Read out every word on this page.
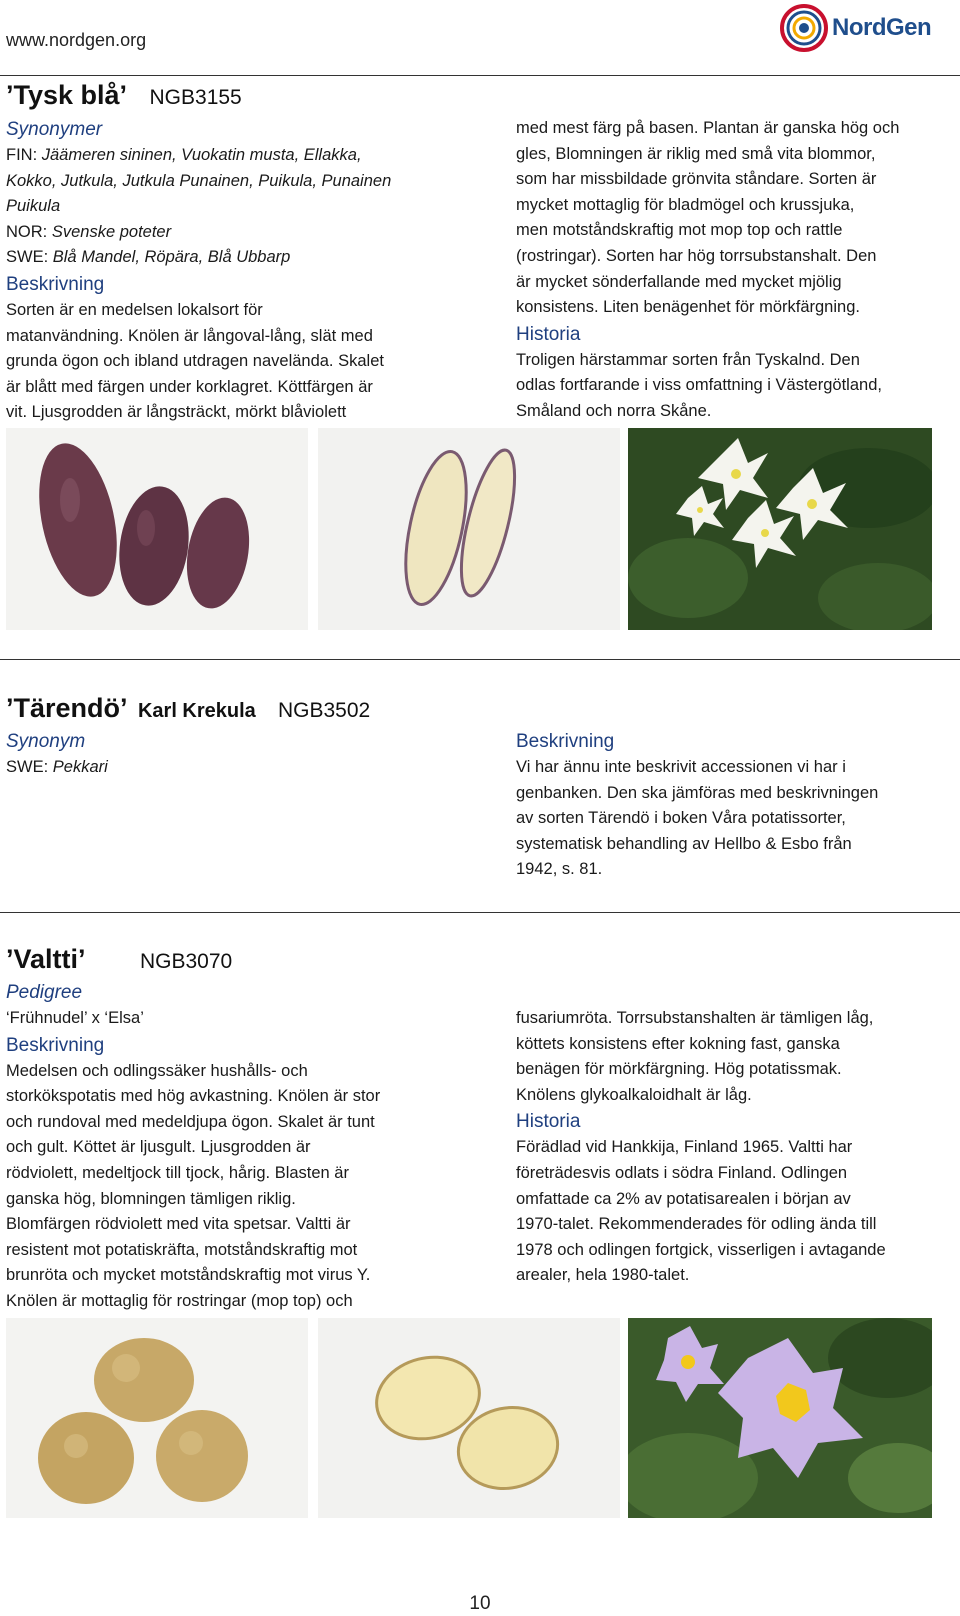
www.nordgen.org	NordGen
’Tysk blå’ NGB3155

Synonymer

FIN: Jäämeren sininen, Vuokatin musta, Ellakka,

Kokko, Jutkula, Jutkula Punainen, Puikula, Punainen

Puikula

NOR: Svenske poteter

SWE: Blå Mandel, Röpära, Blå Ubbarp

Beskrivning

Sorten är en medelsen lokalsort för

matanvändning. Knölen är långoval-lång, slät med

grunda ögon och ibland utdragen navelända. Skalet

är blått med färgen under korklagret. Köttfärgen är

vit. Ljusgrodden är långsträckt, mörkt blåviolett

med mest färg på basen. Plantan är ganska hög och

gles, Blomningen är riklig med små vita blommor,

som har missbildade grönvita ståndare. Sorten är

mycket mottaglig för bladmögel och krussjuka,

men motståndskraftig mot mop top och rattle

(rostringar). Sorten har hög torrsubstanshalt. Den

är mycket sönderfallande med mycket mjölig

konsistens. Liten benägenhet för mörkfärgning.

Historia

Troligen härstammar sorten från Tyskalnd. Den

odlas fortfarande i viss omfattning i Västergötland,

Småland och norra Skåne.

’Tärendö’ Karl Krekula NGB3502

Synonym

SWE: Pekkari

Beskrivning

Vi har ännu inte beskrivit accessionen vi har i

genbanken. Den ska jämföras med beskrivningen

av sorten Tärendö i boken Våra potatissorter,

systematisk behandling av Hellbo & Esbo från

1942, s. 81.

’Valtti’	NGB3070

Pedigree

‘Frühnudel’ x ‘Elsa’

Beskrivning

Medelsen och odlingssäker hushålls- och

storkökspotatis med hög avkastning. Knölen är stor

och rundoval med medeldjupa ögon. Skalet är tunt

och gult. Köttet är ljusgult. Ljusgrodden är

rödviolett, medeltjock till tjock, hårig. Blasten är

ganska hög, blomningen tämligen riklig.

Blomfärgen rödviolett med vita spetsar. Valtti är

resistent mot potatiskräfta, motståndskraftig mot

brunröta och mycket motståndskraftig mot virus Y.

Knölen är mottaglig för rostringar (mop top) och

fusariumröta. Torrsubstanshalten är tämligen låg,

köttets konsistens efter kokning fast, ganska

benägen för mörkfärgning. Hög potatissmak.

Knölens glykoalkaloidhalt är låg.

Historia

Förädlad vid Hankkija, Finland 1965. Valtti har

företrädesvis odlats i södra Finland. Odlingen

omfattade ca 2% av potatisarealen i början av

1970-talet. Rekommenderades för odling ända till

1978 och odlingen fortgick, visserligen i avtagande

arealer, hela 1980-talet.

10
